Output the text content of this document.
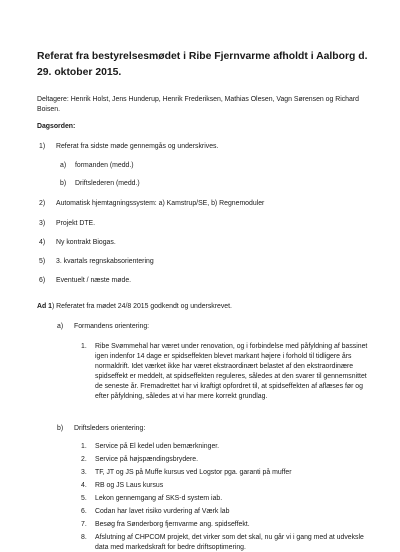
Referat fra bestyrelsesmødet i Ribe Fjernvarme afholdt i Aalborg d. 29. oktober 2015.
Deltagere: Henrik Holst, Jens Hunderup, Henrik Frederiksen, Mathias Olesen, Vagn Sørensen og Richard Boisen.
Dagsorden:
1)	Referat fra sidste møde gennemgås og underskrives.
a)	formanden (medd.)
b)	Driftslederen (medd.)
2)	Automatisk hjemtagningssystem: a) Kamstrup/SE, b) Regnemoduler
3)	Projekt DTE.
4)	Ny kontrakt Biogas.
5)	3. kvartals regnskabsorientering
6)	Eventuelt / næste møde.
Ad 1) Referatet fra mødet 24/8 2015 godkendt og underskrevet.
a)	Formandens orientering:
1.	Ribe Svømmehal har været under renovation, og i forbindelse med påfyldning af bassinet igen indenfor 14 dage er spidseffekten blevet markant højere i forhold til tidligere års normaldrift. Idet værket ikke har været ekstraordinært belastet af den ekstraordinære spidseffekt er meddelt, at spidseffekten reguleres, således at den svarer til gennemsnittet de seneste år. Fremadrettet har vi kraftigt opfordret til, at spidseffekten af aflæses før og efter påfyldning, således at vi har mere korrekt grundlag.
b)	Driftsleders orientering:
1.	Service på El kedel uden bemærkninger.
2.	Service på højspændingsbrydere.
3.	TF, JT og JS på Muffe kursus ved Logstor pga. garanti på muffer
4.	RB og JS Laus kursus
5.	Lekon gennemgang af SKS-d system iab.
6.	Codan har lavet risiko vurdering af Værk lab
7.	Besøg fra Sønderborg fjernvarme ang. spidseffekt.
8.	Afslutning af CHPCOM projekt, det virker som det skal, nu går vi i gang med at udveksle data med markedskraft for bedre driftsoptimering.
